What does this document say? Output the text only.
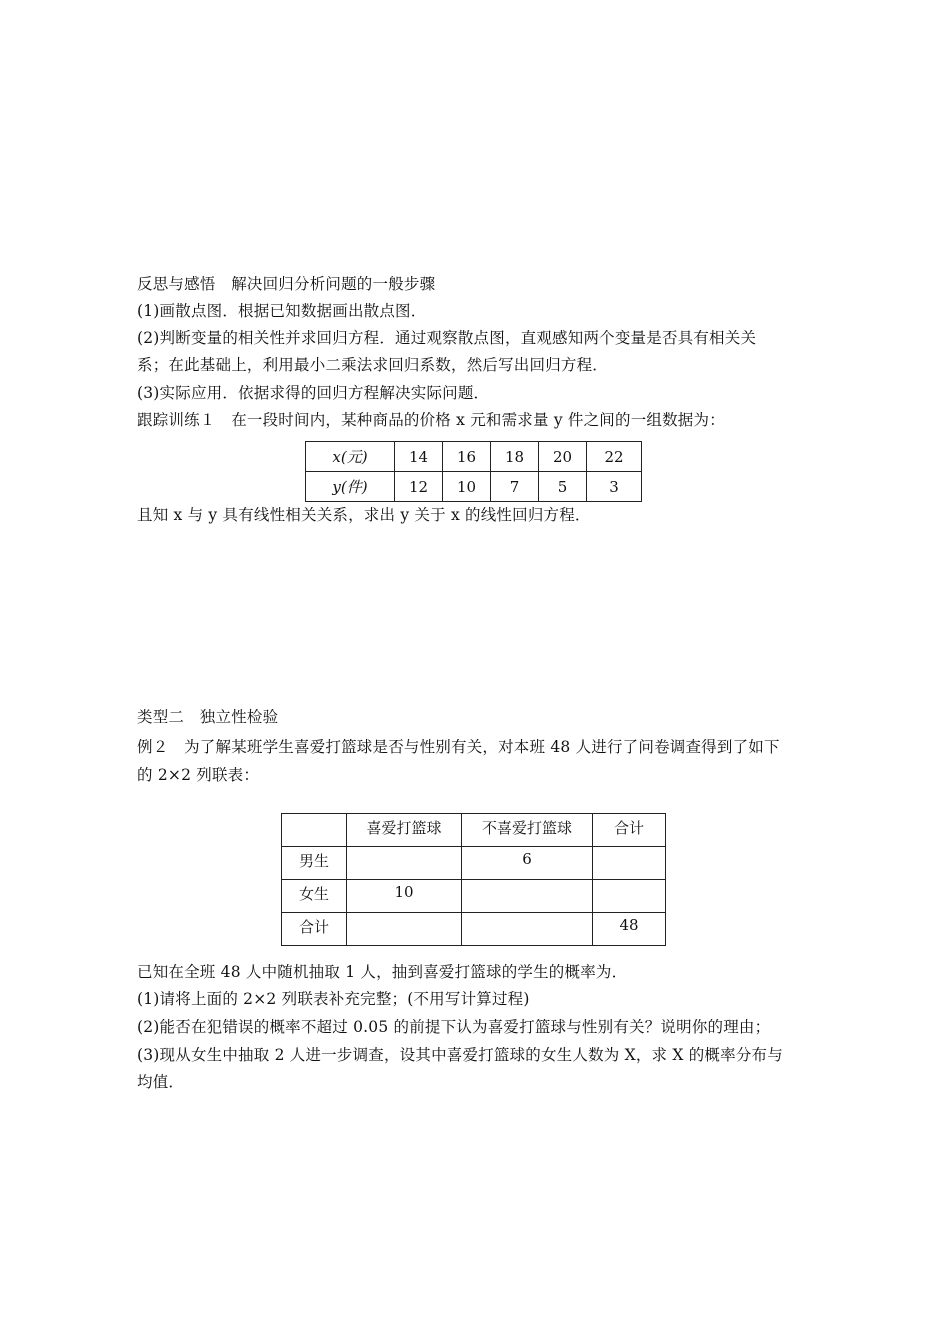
反思与感悟　解决回归分析问题的一般步骤
(1)画散点图．根据已知数据画出散点图．
(2)判断变量的相关性并求回归方程．通过观察散点图，直观感知两个变量是否具有相关关
系；在此基础上，利用最小二乘法求回归系数，然后写出回归方程．
(3)实际应用．依据求得的回归方程解决实际问题．
跟踪训练１　在一段时间内，某种商品的价格 x 元和需求量 y 件之间的一组数据为：
x(元)	14	16	18	20	22
y(件)	12	10	7	5	3
且知 x 与 y 具有线性相关关系，求出 y 关于 x 的线性回归方程．
类型二　独立性检验
例２　为了解某班学生喜爱打篮球是否与性别有关，对本班 48 人进行了问卷调查得到了如下
的 2×2 列联表：
	喜爱打篮球	不喜爱打篮球	合计
男生		6	
女生	10		
合计			48
已知在全班 48 人中随机抽取 1 人，抽到喜爱打篮球的学生的概率为．
(1)请将上面的 2×2 列联表补充完整；(不用写计算过程)
(2)能否在犯错误的概率不超过 0.05 的前提下认为喜爱打篮球与性别有关？说明你的理由；
(3)现从女生中抽取 2 人进一步调查，设其中喜爱打篮球的女生人数为 X，求 X 的概率分布与
均值．
